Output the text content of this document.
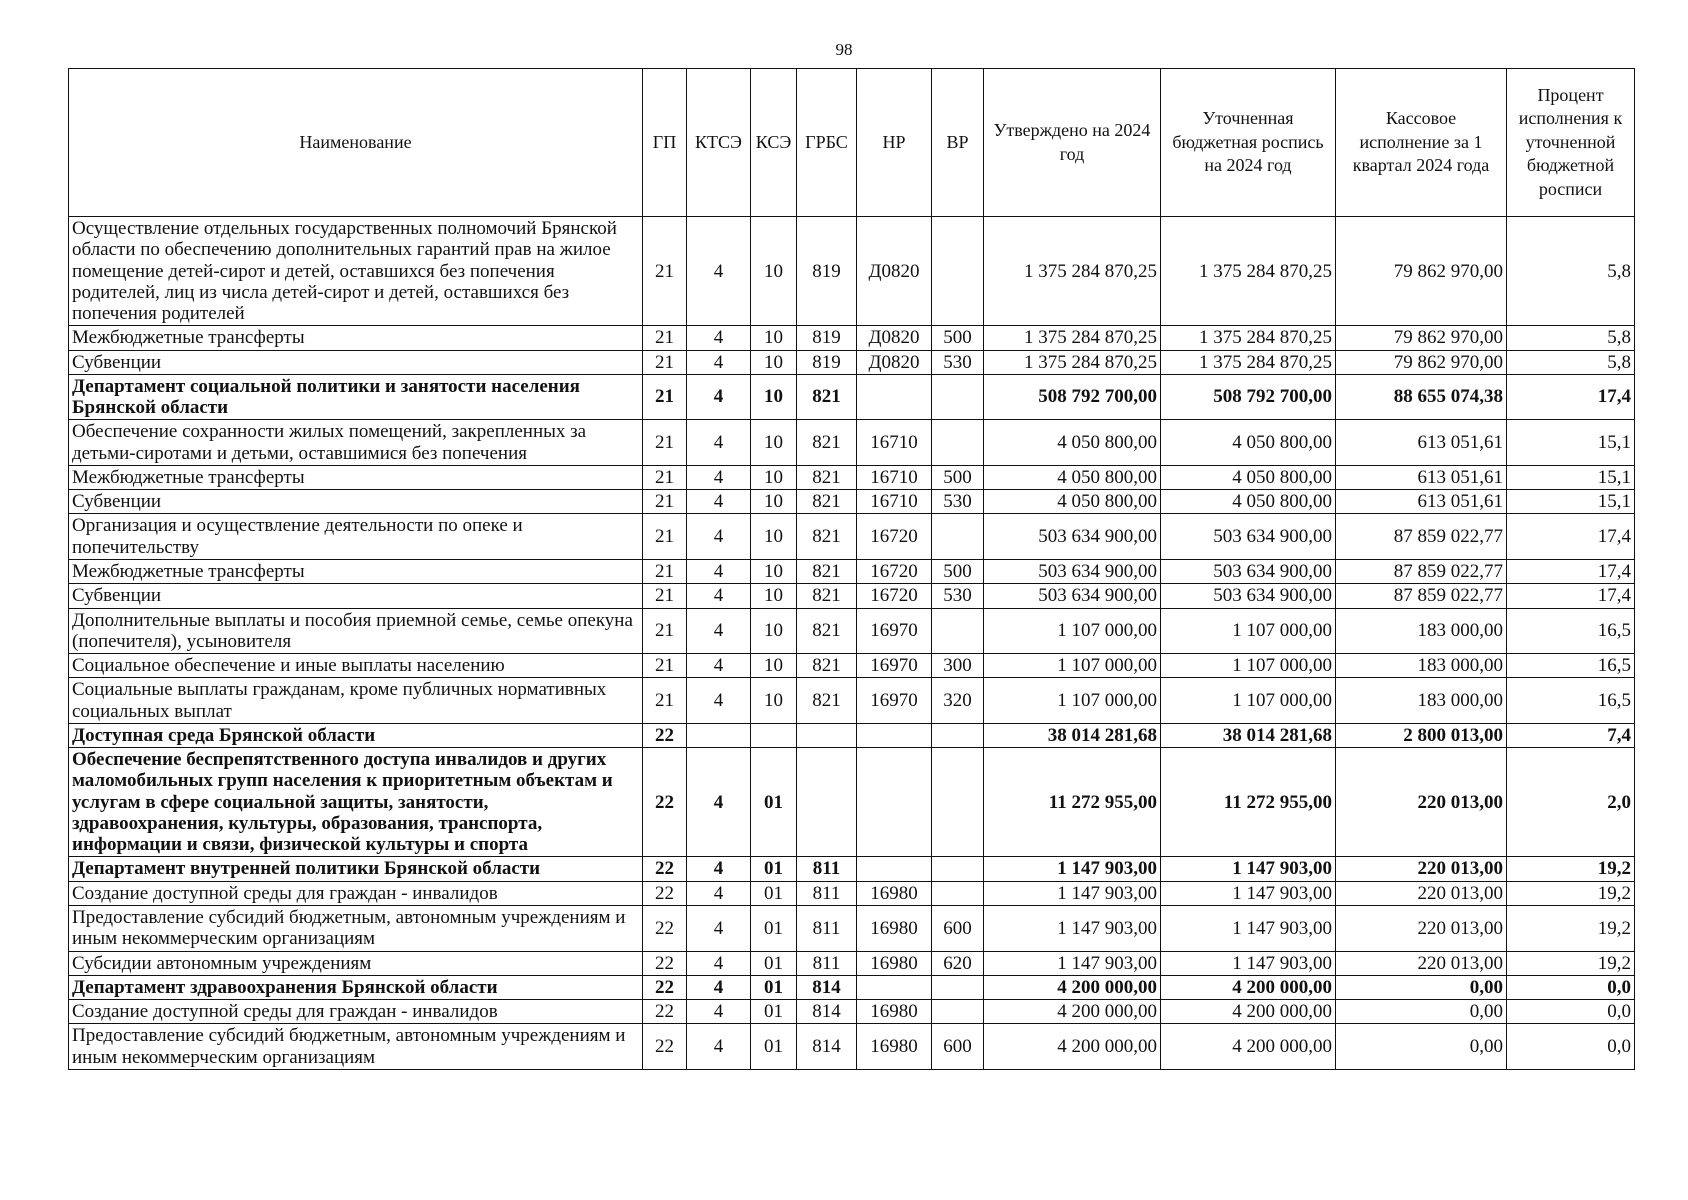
98
Наименование	ГП	КТСЭ	КСЭ	ГРБС	НР	ВР	Утверждено на 2024 год	Уточненная бюджетная роспись на 2024 год	Кассовое исполнение за 1 квартал 2024 года	Процент исполнения к уточненной бюджетной росписи
Осуществление отдельных государственных полномочий Брянской области по обеспечению дополнительных гарантий прав на жилое помещение детей-сирот и детей, оставшихся без попечения родителей, лиц из числа детей-сирот и детей, оставшихся без попечения родителей	21	4	10	819	Д0820		1 375 284 870,25	1 375 284 870,25	79 862 970,00	5,8
Межбюджетные трансферты	21	4	10	819	Д0820	500	1 375 284 870,25	1 375 284 870,25	79 862 970,00	5,8
Субвенции	21	4	10	819	Д0820	530	1 375 284 870,25	1 375 284 870,25	79 862 970,00	5,8
Департамент социальной политики и занятости населения Брянской области	21	4	10	821			508 792 700,00	508 792 700,00	88 655 074,38	17,4
Обеспечение сохранности жилых помещений, закрепленных за детьми-сиротами и детьми, оставшимися без попечения	21	4	10	821	16710		4 050 800,00	4 050 800,00	613 051,61	15,1
Межбюджетные трансферты	21	4	10	821	16710	500	4 050 800,00	4 050 800,00	613 051,61	15,1
Субвенции	21	4	10	821	16710	530	4 050 800,00	4 050 800,00	613 051,61	15,1
Организация и осуществление деятельности по опеке и попечительству	21	4	10	821	16720		503 634 900,00	503 634 900,00	87 859 022,77	17,4
Межбюджетные трансферты	21	4	10	821	16720	500	503 634 900,00	503 634 900,00	87 859 022,77	17,4
Субвенции	21	4	10	821	16720	530	503 634 900,00	503 634 900,00	87 859 022,77	17,4
Дополнительные выплаты и пособия приемной семье, семье опекуна (попечителя), усыновителя	21	4	10	821	16970		1 107 000,00	1 107 000,00	183 000,00	16,5
Социальное обеспечение и иные выплаты населению	21	4	10	821	16970	300	1 107 000,00	1 107 000,00	183 000,00	16,5
Социальные выплаты гражданам, кроме публичных нормативных социальных выплат	21	4	10	821	16970	320	1 107 000,00	1 107 000,00	183 000,00	16,5
Доступная среда Брянской области	22						38 014 281,68	38 014 281,68	2 800 013,00	7,4
Обеспечение беспрепятственного доступа инвалидов и других маломобильных групп населения к приоритетным объектам и услугам в сфере социальной защиты, занятости, здравоохранения, культуры, образования, транспорта, информации и связи, физической культуры и спорта	22	4	01				11 272 955,00	11 272 955,00	220 013,00	2,0
Департамент внутренней политики Брянской области	22	4	01	811			1 147 903,00	1 147 903,00	220 013,00	19,2
Создание доступной среды для граждан - инвалидов	22	4	01	811	16980		1 147 903,00	1 147 903,00	220 013,00	19,2
Предоставление субсидий бюджетным, автономным учреждениям и иным некоммерческим организациям	22	4	01	811	16980	600	1 147 903,00	1 147 903,00	220 013,00	19,2
Субсидии автономным учреждениям	22	4	01	811	16980	620	1 147 903,00	1 147 903,00	220 013,00	19,2
Департамент здравоохранения Брянской области	22	4	01	814			4 200 000,00	4 200 000,00	0,00	0,0
Создание доступной среды для граждан - инвалидов	22	4	01	814	16980		4 200 000,00	4 200 000,00	0,00	0,0
Предоставление субсидий бюджетным, автономным учреждениям и иным некоммерческим организациям	22	4	01	814	16980	600	4 200 000,00	4 200 000,00	0,00	0,0
